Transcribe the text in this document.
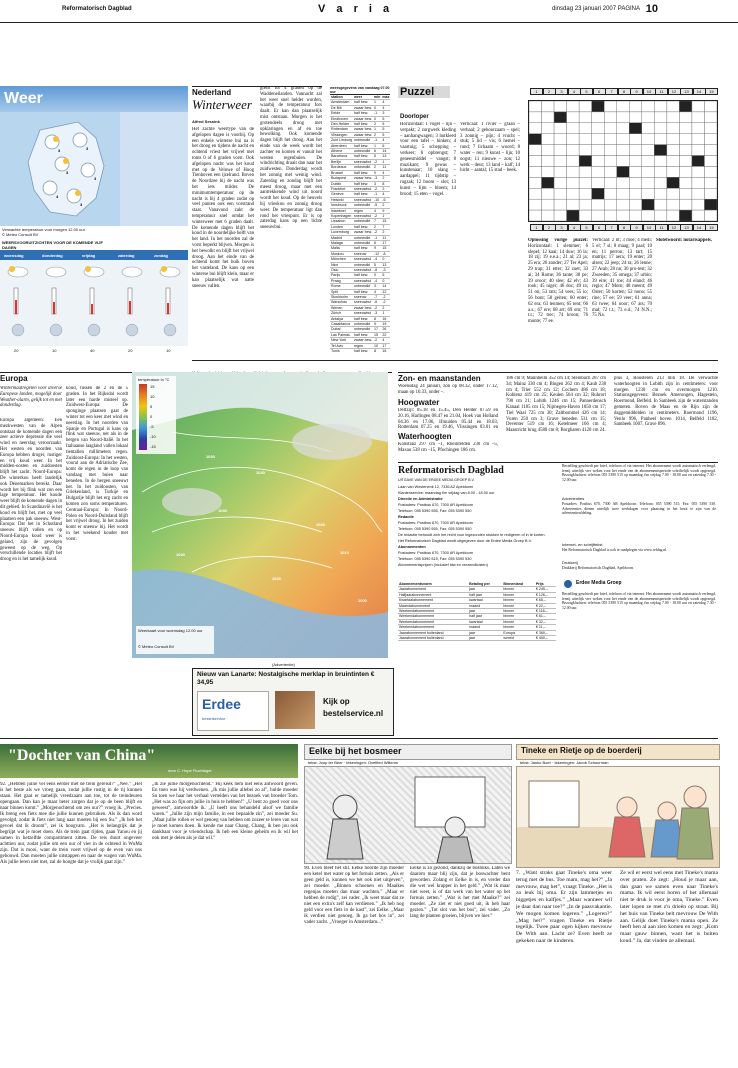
Reformatorisch Dagblad	V a r i a	dinsdag 23 januari 2007 PAGINA 10
Weer
3	3
3
3
4
3
Verwachte temperatuur voor morgen 12.00 uur
© Meteo Consult BV
WEERSVOORUITZICHTEN VOOR DE KOMENDE VIJF DAGEN
woensdag	donderdag	vrijdag	zaterdag	zondag
20	10	40	20	10
Nederland
Winterweer
Alfred Sessink
Het zachte weertype van de afgelopen dagen is voorbij. Op een enkele winterse bui na is het droog en tijdens de nacht en ochtend vriest het vrijwel met toms 0 of 6 graden vorst. Ook afgelopen nacht was het koud met op de Veluwe of Hoog Tienhoven een ijzelrand. Boven de Noordzee bij de nacht was het iets milder. De minimumtemperatuur op de nacht is bij 4 graden zodat op veel punten ook een vorstrand staat. Vanavond zakt de temperatuur snel omdat het winterweer met 6 graden daalt. De komende dagen blijft het koud in de noordelijke helft van het land. In het noorden zal de vorst beperkt blijven. Morgen is het bewolkt en blijft het vrijwel droog. Aan het einde van de ochtend komt het buik boven het vasteland. De kans op een winterse bui blijft klein, maar er kan plaatselijk wat natte sneeuw vallen.
grens tot 4 graden op de Waddeneilanden. Vannacht zal het weer snel helder worden, waarbij de temperatuur fors daalt. Er kan dan plaatselijk mist ontstaan. Morgen is het grotendeels droog met opklaringen en af en toe bewolking. Ook komende dagen blijft het droog. Aan het einde van de week wordt het zachter en komen er vanuit het westen regenbuien. De windrichting draait dan naar het zuidwesten. Donderdag wordt het zonnig met weinig wind. Zaterdag en zondag blijft het meest droog, maar met een aantrekkende wind uit noord wordt het koud. Op de heuvels bij vrieskou en zonnig droog weer. De temperatuur ligt dan rond het vriespunt. Er is op zaterdag kans op een lichte sneeuwbui.
weersgegevens van vandaag 07.00 uur
station	weer	min	max		
Amsterdam	half bew.	1	4		
De Bilt	zwaar bew.	0	4		
Eelde	half bew.	-1	3		
Eindhoven	zwaar bew.	0	5		
Den Helder	half bew.	2	5		
Rotterdam	zwaar bew.	1	5		
Vlissingen	zwaar bew.	2	5		
Zuid Limburg	onbewolkt	-1	4		
Aberdeen	half bew.	1	6		
Athene	onbewolkt	6	14		
Barcelona	half bew.	5	13		
Berlijn	sneeuwbui	-2	1		
Bordeaux	onbewolkt	2	11		
Brussel	half bew.	0	4		
Budapest	zwaar bew.	-3	2		
Dublin	half bew.	3	8		
Frankfurt	sneeuwbui	-2	2		
Genève	half bew.	-1	4		
Helsinki	sneeuwbui	-10	-6		
Innsbruck	onbewolkt	-5	2		
Istanboel	regen	4	9		
Kopenhagen	sneeuwbui	-2	1		
Lissabon	onbewolkt	7	15		
Londen	half bew.	2	7		
Luxemburg	zwaar bew.	-2	2		
Madrid	onbewolkt	-1	11		
Malaga	onbewolkt	6	17		
Malta	half bew.	9	15		
Moskou	sneeuw	-12	-8		
München	sneeuwbui	-4	0		
Nice	onbewolkt	5	13		
Oslo	sneeuwbui	-8	-3		
Parijs	half bew.	0	5		
Praag	sneeuwbui	-4	0		
Rome	onbewolkt	3	14		
Split	half bew.	4	12		
Stockholm	sneeuw	-7	-2		
Warschau	sneeuwbui	-6	-2		
Wenen	zwaar bew.	-2	2		
Zürich	sneeuwbui	-3	1		
Antalya	half bew.	8	16		
Casablanca	onbewolkt	9	19		
Dubai	onbewolkt	17	26		
Las Palmas	half bew.	15	22		
New York	zwaar bew.	-2	4		
Tel Aviv	regen	10	17		
Tunis	half bew.	8	16		
Puzzel	1	2	3	4	5	6	7	8	9	10	11	12	13	14	15
Doorloper
Horizontaal: 1 vogel – lijn – verpakt; 2 zorgwerk kleding – aanhangwagen; 3 hutkleed voor een tafel – hinken; 4 vaartuig; 5 schepping – verkeer; 6 opbrengst; 7 geneesmiddel – vangst; 8 muzikant; 9 gewas – kunstenaar; 10 slang – aardappel; 11 tijdstip – rugzak; 12 boom – slot; 13 kunst – lijm – bloem; 14 brood; 15 eten – vogel.
Verticaal: 1 rivier – graan – verhaal; 2 gehoorzaam – spel; 3 zonnig – pijn; 4 vrucht – stuk; 5 lid – vis; 6 hemel – rund; 7 lichaam – woord; 8 water – ren; 9 kunst – lijn; 10 oogst; 11 nieuwe – zon; 12 werk – deur; 13 land – kalf; 14 lucht – aantal; 15 stad – beek.
1	2	3	4	5	6	7	8	9	10	11	12	13	14	15
Oplossing vorige puzzel: Horizontaal: 1 slemmer; 6 slepel; 12 kaai; 14 duw; 16 la; 18 zij; 19 e.e.a.; 21 al; 23 ja; 25 era; 26 zonder; 27 Ter Apel; 29 trap; 31 etter; 32 zoet; 33 ai; 34 Rome; 36 tante; 38 pe; 39 oroor; 40 slee; 42 elv; 43 took; 45 niger; 46 doc; 49 ra; 51 on; 53 rats; 54 vees; 55 io; 56 bont; 58 geiten; 60 enter; 62 era; 63 tenmen; 65 tent; 66 a.s.; 67 ere; 68 art; 69 om; 71 t.t.; 72 trec; 74 kroon; 76 monte; 77 ee.
Verticaal: 2 lit; 3 moe; 4 medi; 5 el; 7 sl; 8 maag; 9 paal; 10 en; 11 perron; 13 tart; 15 matrijs; 17 aera; 19 enter; 20 alsen; 22 jeep; 24 ra; 26 lenne; 27 Arab; 28 nn; 30 pro-test; 32 Zweeden; 35 omega; 37 urbin; 39 eire; 41 roe; 44 eland; 46 regio; 47 Morn; 48 meent; 49 Oster; 50 korten; 52 nono; 55 rine; 57 ee; 59 veer; 61 anna; 63 twee; 64 noor; 67 ats; 70 mal; 72 t.t.; 73 e.d.; 74 N.N.; 75 Na.
Slotelwoord: notarisappels.
Europa
Wintermaatregelen voor diverse Europese landen, mogelijk door Weather-alarm, gelijk tot en met donderdag.
Europa algemeen: Een mezkwesten van de Alpen ontstaat de komende dagen een zeer actieve depressie die veel wind en neerslag veroorzaakt. Het westen en noorden van Europa hebben droger, rustiger en vrij koud weer. In het midden-oosten en zuidoosten blijft het zacht. Noord-Europa: De winterkou heeft landelijk ook Denemarken bereikt. Daar wordt het bij flink wat zon een lage temperatuur. Het koude weer blijft de komende dagen in dit gebied. In Scandinavië is het koud en blijft het, met op veel plaatsen een pak sneeuw. West-Europa: Dat het in Schotland sneeuw blijft vallen en op Noord-Europa koud weer is geland, zijn de gevolgen geweest op de weg. Op verschillende locaties blijft het droog en is het tamelijk koud.
koud, tussen de 2 en de 5 graden. In het Rijksdal wordt later een harde misteel op. Zuidwest-Europa: De sponginge plaatsen gaat de winter tot een keer met wind en neerslag. In het noorden van Spanje en Portugal is kans op flink wat sneeuw, net als in de bergen van Noord-Italië. In het Italiaanse laagland vallen lokaal tientallen millimeters regen. Zuidoost-Europa: In het westen, vooral aan de Adriatische Zee, komt de regen in de loop van vandaag met buien naar beneden. In de bergen sneeuwt het. In het zuidoosten, van Griekenland, is Turkije en Bulgarije blijft het erg zacht en komen zon soms temperaturen. Centraal-Europa: In Noord-Polen en Noord-Duitsland blijft het vrijwel droog. In het zuiden komt er sneeuw bij. Het wordt in het weekend kouder met vorst.
temperatuur in °C
15
10
5
0
-5
-10
-15
1030
1040
1040
1020
1020
1010
1020
1000
Weerkaart voor woensdag 12.00 uur
© Meteo Consult BV
Zon- en maanstanden
Woensdag 24 januari, zon op 08.32, onder 17.12, maan op 10.33, onder –.
Hoogwater
Delfzijl: 05.18 en 15.45, Den Helder 07.59 en 20.16, Harlingen 08.47 en 21.04, Hoek van Holland 04.36 en 17.06, IJmuiden 05.44 en 18.03, Rotterdam 07.25 en 19.46, Vlissingen 03.01 en
Waterhoogten
Konstanz 297 cm –1, Rheinfelden 230 cm –5, Maxau 538 cm –15, Pfochingen 186 cm.
186 cm 9; Mannheim 352 cm 14; Steinbach 287 cm 34; Mainz 330 cm 4; Bingen 262 cm 4; Kaub 238 cm 4; Trier 552 cm 12; Cochem 486 cm 18; Koblenz 419 cm 25; Keulen 564 cm 32; Ruhrort 790 cm 21; Lobith 1246 cm 15; Pannerdensch Kanaal 1185 cm 15; Nijmegen-Haven 1050 cm 17; Tiel Waal 725 cm 30; Zaltbommel 426 cm 14; Vuren 250 cm 3; Grave beneden 531 cm 15; Deventer 519 cm 16; Ketelmeer 166 cm 4; Maastricht brug 4580 cm 8; Borgharen 4120 cm 24.
plus 3, Roosteren 213 min 18. De verwachte waterhoogten in Lobith zijn in centimeters: voor morgen 1230 cm en overmorgen 1210. Stationsgegevens: Bezoek Amerongen, Hagestein, Roermond, Belfeld. In Sambeek zijn de waterstanden gemeten. Boven de Maas en de Rijn zijn de daggemiddelden in centimeters. Roermond 1196, Venlo 996, Panheel boven 1014, Belfeld 1182, Sambeek 1007, Grave 896.
Reformatorisch Dagblad
UITGAVE VAN DE ERDEE MEDIA GROEP B.V.
Laan van Westenenk 12, 7336 AZ Apeldoorn
Klantenservice: maandag t/m vrijdag van 8.00 - 18.00 uur
Directie en Administratie
Postadres: Postbus 670, 7300 AR Apeldoorn
Telefoon: 055 5390 555, Fax: 055 5390 550
Redactie
Postadres: Postbus 670, 7300 AR Apeldoorn
Telefoon: 055 5390 555, Fax: 055 5390 550
De redactie behoudt zich het recht voor ingezonden stukken te redigeren of in te korten.
Het Reformatorisch Dagblad wordt uitgegeven door de Erdee Media Groep B.V.
Abonnementen
Postadres: Postbus 670, 7300 AR Apeldoorn
Telefoon: 055 5390 515, Fax: 055 5390 530
Abonnementsprijzen (inclusief btw en verzendkosten)
Abonnementsvorm	Betaling per	Binnenland	Prijs
Jaarabonnement	jaar	binnen	€ 245,–
Halfjaarabonnement	half jaar	binnen	€ 126,–
Kwartaalabonnement	kwartaal	binnen	€ 65,–
Maandabonnement	maand	binnen	€ 22,–
Weekendabonnement	jaar	binnen	€ 118,–
Weekendabonnement	half jaar	binnen	€ 61,–
Weekendabonnement	kwartaal	binnen	€ 32,–
Weekendabonnement	maand	binnen	€ 11,–
Jaarabonnement buitenland	jaar	Europa	€ 360,–
Jaarabonnement buitenland	jaar	wereld	€ 450,–
Bestelling geschiedt per brief, telefoon of via internet. Het abonnement wordt automatisch verlengd, tenzij uiterlijk vier weken voor het einde van de abonnementsperiode schriftelijk wordt opgezegd. Bezorgklachten: telefoon 055 5390 515 op maandag t/m vrijdag 7.00 - 18.00 uur en zaterdag 7.30 - 12.00 uur.
Advertenties
Postadres: Postbus 670, 7300 AR Apeldoorn. Telefoon: 055 5390 515. Fax: 055 5390 530. Advertenties dienen uiterlijk twee werkdagen voor plaatsing in het bezit te zijn van de advertentieafdeling.
Internet- en schrijftekst
Het Reformatorisch Dagblad is ook te raadplegen via www.refdag.nl.
Drukkerij
Drukkerij Reformatorisch Dagblad, Apeldoorn.
Erdee Media Groep
Bestelling geschiedt per brief, telefoon of via internet. Het abonnement wordt automatisch verlengd, tenzij uiterlijk vier weken voor het einde van de abonnementsperiode schriftelijk wordt opgezegd. Bezorgklachten: telefoon 055 5390 515 op maandag t/m vrijdag 7.00 - 18.00 uur en zaterdag 7.30 - 12.00 uur.
(Advertentie)
Nieuw van Lanarte: Nostalgische merklap in bruintinten € 34,95
Erdee
bestelservice
Kijk op
bestelservice.nl
"Dochter van China"
door C. Hupe Fluchtagel
92. „Hebben jullie vel eens eerder met de trein gereisd?” „Nee.” „Het is het beste als we vroeg gaan, zodat jullie rustig in de rij kunnen staan. Het gaat er tamelijk vreedzaam aan toe, tot de treindeuren opengaan. Dan kan je maar beter zorgen dat je op de been blijft en naar binnen komt.” „Morgenochtend om zes uur?” vroeg ik. „Precies. Ik breng een fiets mee die jullie kunnen gebruiken. Als ik dan word gevolgd, zodat ik fiets niet lang naar moeten bij een Su.” „Ik heb het gevoel dat ik droom”, zei ik hoogvarn. „Het is belangrijk dat je begrijpt wat je moet doen. Als de trein gaat rijden, gaan Yanou en jij samen in hetzelfde compartiment zitten. De reis duurt ongeveer achttien uur, zodat jullie om een uur of vier in de ochtend in WuMa zijn. Dat is mooi, want de trein voert vrijwel op de even van ons gebouwd. Dan moeten jullie uitstappen en naar de wagen van WuMa. Als jullie leren niet met, zal de hoogte dat je vrolijk gaat zijn.”
„Ik zie jullie morgenochtend.” Hij keek hem niet eens antwoord geven. En toen was hij verdwenen. „Ik mis jullie allebei zo al”, hulde moeder Su toen we haar het verhaal vertelden van het bezoek van broeder Tom. „Het was zo fijn om jullie in huis te hebben!” „U bent zo goed voor ons geweest”, antwoordde ik. „U heeft ons behandeld alsof we familie waren.” „Jullie zijn mijn familie, in een bepaalde zin”, zei moeder Su. „Maar jullie rollen er wel genoeg van hebben om zozeer te leren van wat je moet komen doen. Ik kende me naar Chang. Chang, ik ben jou ook dankbaar voor je vriendschap. Ik heb een kleine geheim en ik wil het ook met je delen als je dat wil.”
Eelke bij het bosmeer
tekst: Joop ter Beer · tekeningen: Ovelfied Willems
90. Even bleef het stil. Eelke hoorde zijn moeder een ketel met water op het fornuis zetten. „Als er geen geld is, kunnen we het ook niet uitgeven”, zei moeder. „Binnen schoenen en Maaikes regenjas moeten dan maar wachten.” „Maar er hebben de rodig”, zei vader. „Ik weet maar dat ze niet een extra's zelf kan verdienen.” „Ik heb nog geld voor een fiets in de kast”, zei Eelke. „Maar ik verdien niet genoeg. Ik ga het bos in”, zei vader zacht. „Vroeger in Amsterdam...”
Eelke is zo gezond, dankzij de bosbuks. Laten we daarom maar blij zijn, dat je boswachter bent geworden. Zolang er Eelke in is, en verder dan die wet wel krapper in het geld.” „Wat ik maar niet weet, is of dat werk van het water op het fornuis zetten.” „Wat is het met Maaike?” zei moeder. „Ze ziet er niet goed uit, ik heb haar gezien.” „Tot slot van het bos”, zei vader. „Zo lang de planten groeien, blijven we hier.”
Tineke en Rietje op de boerderij
tekst: Janko Boer · tekeningen: Jacob Schuurman
7. „Want straks gaat Tineke's oma weer terug met de bus. Toe mam, mag het?” „Ja mevrouw, mag het”, vraagt Tineke. „Het is zo leuk bij oma. Er zijn lammetjes en biggetjes en kalfjes.” „Maar wanneer wil je daar dan naar toe?” „In de paasvakantie. We mogen komen logeren.” „Logeren?” „Mag het?” vragen Tineke en Rietje tegelijk. Twee paar ogen kijken mevrouw De With aan. Lacht ze? Even heeft ze gekeken naar de kinderen.
Ze wil er eerst wel eens met Tineke's mama over praten. Ze zegt: „Houd je maar aan, dan gaan we samen even naar Tineke's mama. Ik wil eerst horen of het allemaal niet te druk is voor je oma, Tineke.” Even later lopen ze met z'n drieën op straat. Bij het huis van Tineke belt mevrouw De With aan. Gelijk doet Tineke's mama open. Ze heeft hen al aan zien komen en zegt: „Kom maar gauw binnen, want het is buiten koud.” Ja, dat vinden ze allemaal.
